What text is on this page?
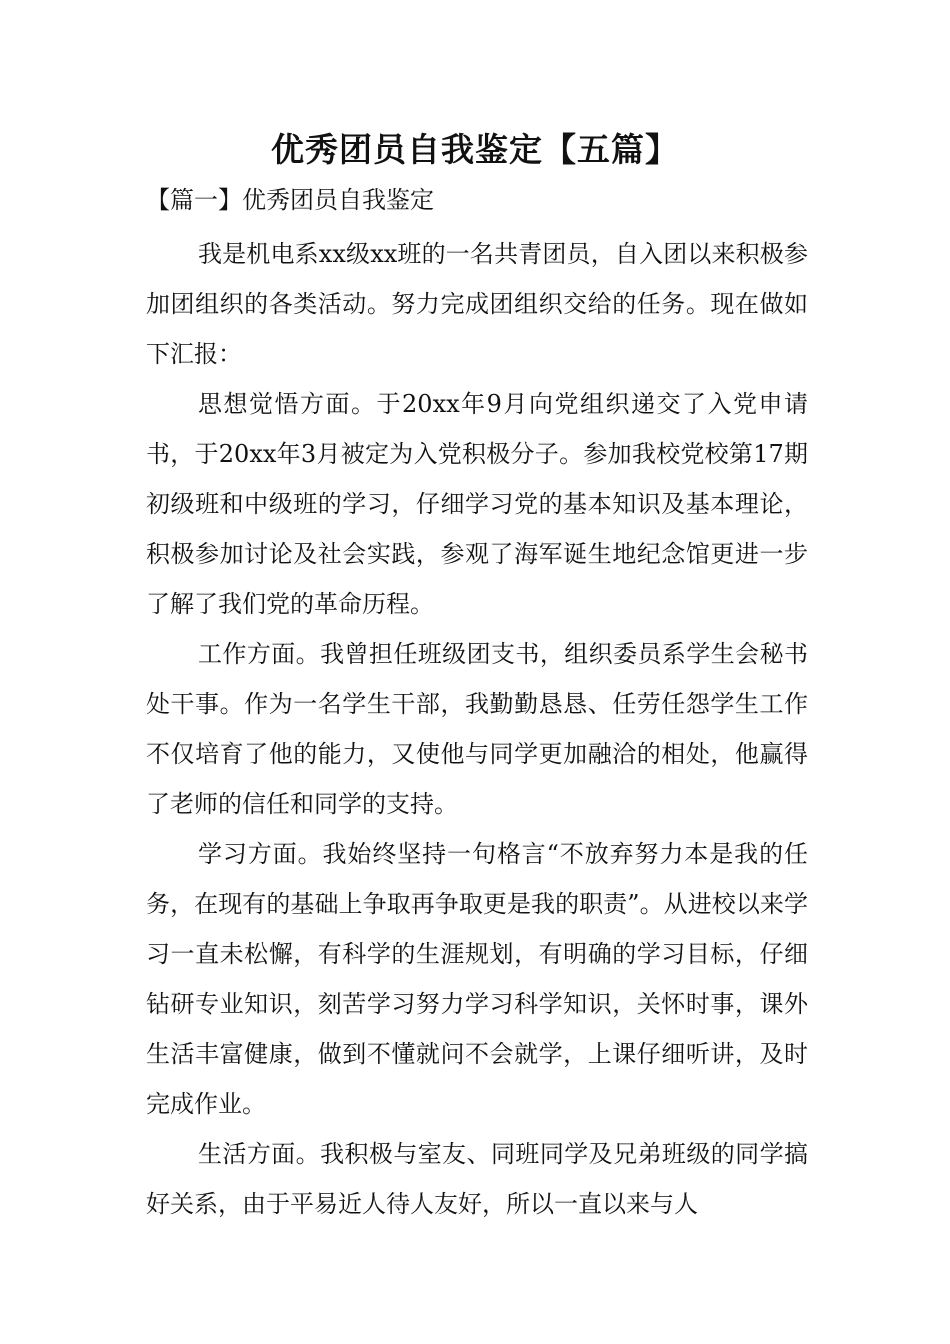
优秀团员自我鉴定【五篇】
【篇一】优秀团员自我鉴定

我是机电系xx级xx班的一名共青团员，自入团以来积极参加团组织的各类活动。努力完成团组织交给的任务。现在做如下汇报：

思想觉悟方面。于20xx年9月向党组织递交了入党申请书，于20xx年3月被定为入党积极分子。参加我校党校第17期初级班和中级班的学习，仔细学习党的基本知识及基本理论，积极参加讨论及社会实践，参观了海军诞生地纪念馆更进一步了解了我们党的革命历程。

工作方面。我曾担任班级团支书，组织委员系学生会秘书处干事。作为一名学生干部，我勤勤恳恳、任劳任怨学生工作不仅培育了他的能力，又使他与同学更加融洽的相处，他赢得了老师的信任和同学的支持。

学习方面。我始终坚持一句格言“不放弃努力本是我的任务，在现有的基础上争取再争取更是我的职责”。从进校以来学习一直未松懈，有科学的生涯规划，有明确的学习目标，仔细钻研专业知识，刻苦学习努力学习科学知识，关怀时事，课外生活丰富健康，做到不懂就问不会就学，上课仔细听讲，及时完成作业。

生活方面。我积极与室友、同班同学及兄弟班级的同学搞好关系，由于平易近人待人友好，所以一直以来与人
